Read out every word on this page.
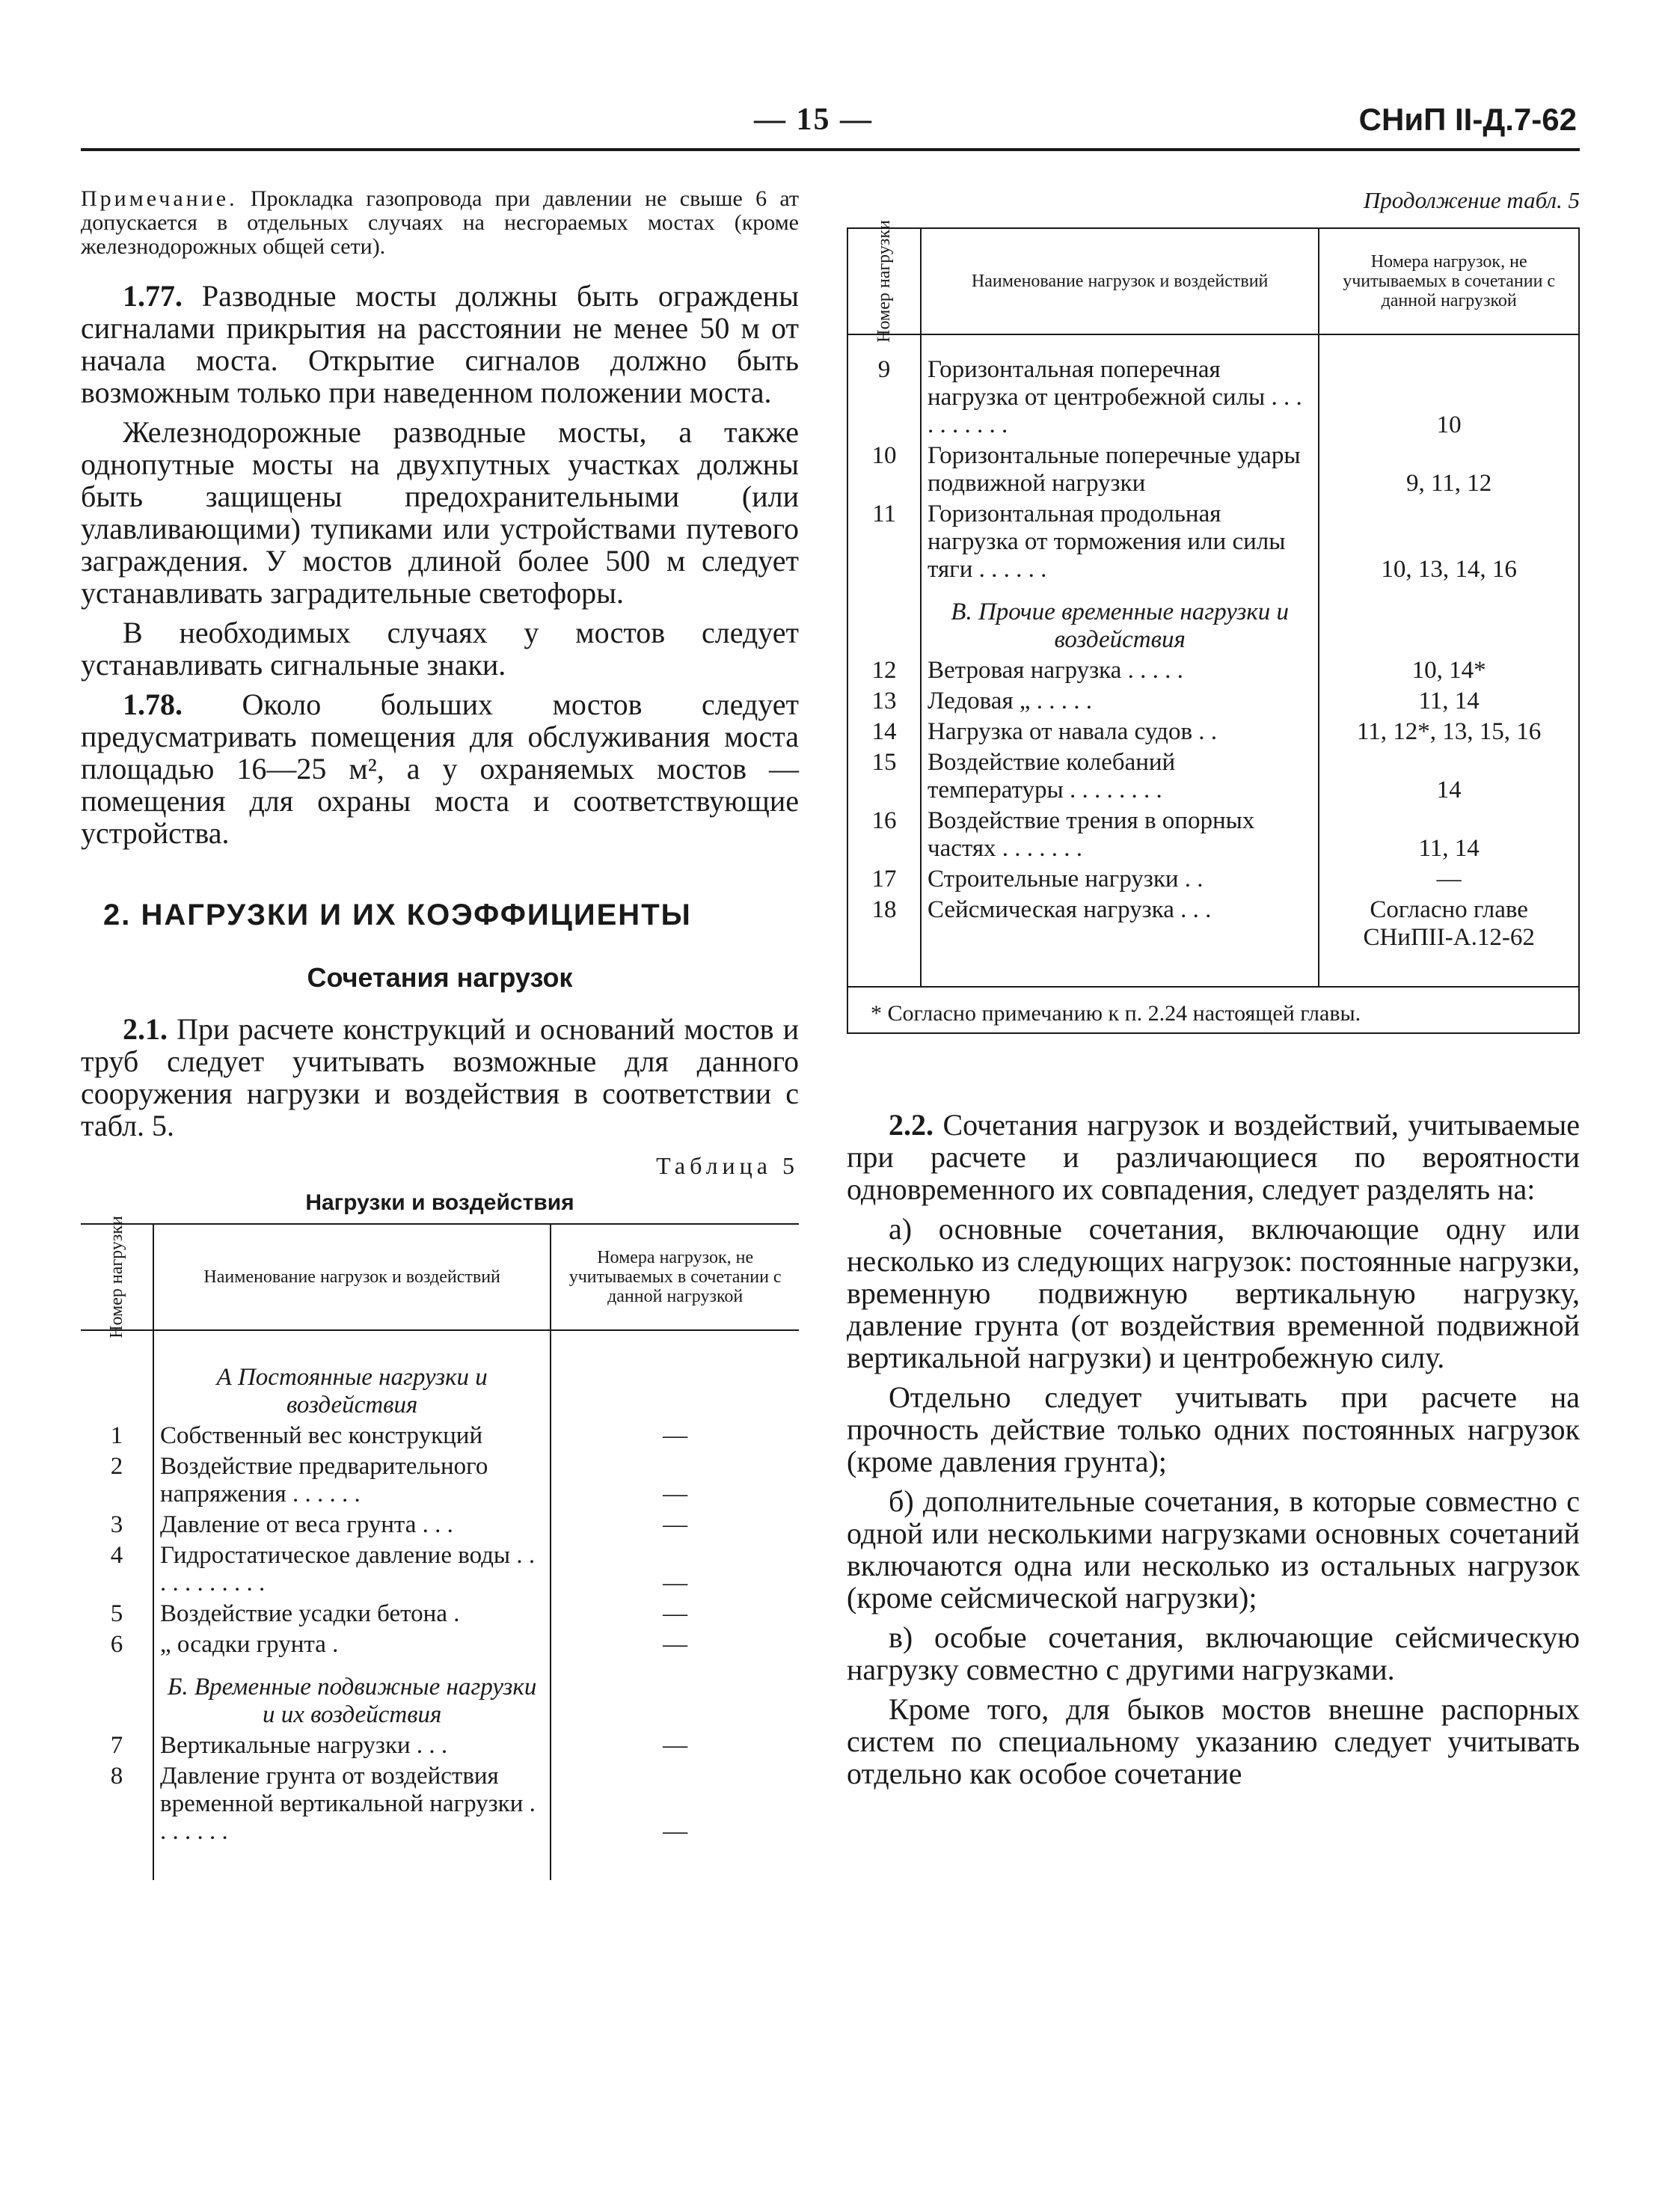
— 15 —	СНиП II-Д.7-62
Примечание. Прокладка газопровода при давлении не свыше 6 ат допускается в отдельных случаях на несгораемых мостах (кроме железнодорожных общей сети).

1.77. Разводные мосты должны быть ограждены сигналами прикрытия на расстоянии не менее 50 м от начала моста. Открытие сигналов должно быть возможным только при наведенном положении моста.

Железнодорожные разводные мосты, а также однопутные мосты на двухпутных участках должны быть защищены предохранительными (или улавливающими) тупиками или устройствами путевого заграждения. У мостов длиной более 500 м следует устанавливать заградительные светофоры.

В необходимых случаях у мостов следует устанавливать сигнальные знаки.

1.78. Около больших мостов следует предусматривать помещения для обслуживания моста площадью 16—25 м², а у охраняемых мостов — помещения для охраны моста и соответствующие устройства.

2. НАГРУЗКИ И ИХ КОЭФФИЦИЕНТЫ
Сочетания нагрузок

2.1. При расчете конструкций и оснований мостов и труб следует учитывать возможные для данного сооружения нагрузки и воздействия в соответствии с табл. 5.

Таблица 5
Нагрузки и воздействия
Номер нагрузки	Наименование нагрузок и воздействий	Номера нагрузок, не учитываемых в сочетании с данной нагрузкой

	А Постоянные нагрузки и воздействия	
1	Собственный вес конструкций	—
2	Воздействие предварительного напряжения . . . . . .	—
3	Давление от веса грунта . . .	—
4	Гидростатическое давление воды . . . . . . . . . . .	—
5	Воздействие усадки бетона .	—
6	„ осадки грунта .	—
	Б. Временные подвижные нагрузки и их воздействия	
7	Вертикальные нагрузки . . .	—
8	Давление грунта от воздействия временной вертикальной нагрузки . . . . . . .	—

Продолжение табл. 5
Номер нагрузки	Наименование нагрузок и воздействий	Номера нагрузок, не учитываемых в сочетании с данной нагрузкой

9	Горизонтальная поперечная нагрузка от центробежной силы . . . . . . . . . .	10
10	Горизонтальные поперечные удары подвижной нагрузки	9, 11, 12
11	Горизонтальная продольная нагрузка от торможения или силы тяги . . . . . .	10, 13, 14, 16
	В. Прочие временные нагрузки и воздействия	
12	Ветровая нагрузка . . . . .	10, 14*
13	Ледовая „ . . . . .	11, 14
14	Нагрузка от навала судов . .	11, 12*, 13, 15, 16
15	Воздействие колебаний температуры . . . . . . . .	14
16	Воздействие трения в опорных частях . . . . . . .	11, 14
17	Строительные нагрузки . .	—
18	Сейсмическая нагрузка . . .	Согласно главе СНиПII-А.12-62

* Согласно примечанию к п. 2.24 настоящей главы.

2.2. Сочетания нагрузок и воздействий, учитываемые при расчете и различающиеся по вероятности одновременного их совпадения, следует разделять на:

а) основные сочетания, включающие одну или несколько из следующих нагрузок: постоянные нагрузки, временную подвижную вертикальную нагрузку, давление грунта (от воздействия временной подвижной вертикальной нагрузки) и центробежную силу.

Отдельно следует учитывать при расчете на прочность действие только одних постоянных нагрузок (кроме давления грунта);

б) дополнительные сочетания, в которые совместно с одной или несколькими нагрузками основных сочетаний включаются одна или несколько из остальных нагрузок (кроме сейсмической нагрузки);

в) особые сочетания, включающие сейсмическую нагрузку совместно с другими нагрузками.

Кроме того, для быков мостов внешне распорных систем по специальному указанию следует учитывать отдельно как особое сочетание
